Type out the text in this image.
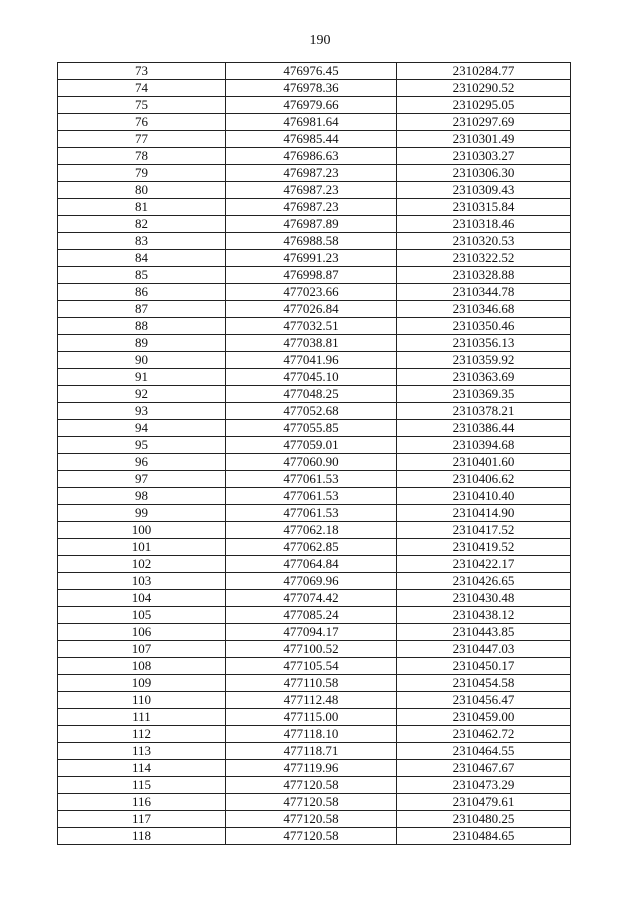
190
73	476976.45	2310284.77
74	476978.36	2310290.52
75	476979.66	2310295.05
76	476981.64	2310297.69
77	476985.44	2310301.49
78	476986.63	2310303.27
79	476987.23	2310306.30
80	476987.23	2310309.43
81	476987.23	2310315.84
82	476987.89	2310318.46
83	476988.58	2310320.53
84	476991.23	2310322.52
85	476998.87	2310328.88
86	477023.66	2310344.78
87	477026.84	2310346.68
88	477032.51	2310350.46
89	477038.81	2310356.13
90	477041.96	2310359.92
91	477045.10	2310363.69
92	477048.25	2310369.35
93	477052.68	2310378.21
94	477055.85	2310386.44
95	477059.01	2310394.68
96	477060.90	2310401.60
97	477061.53	2310406.62
98	477061.53	2310410.40
99	477061.53	2310414.90
100	477062.18	2310417.52
101	477062.85	2310419.52
102	477064.84	2310422.17
103	477069.96	2310426.65
104	477074.42	2310430.48
105	477085.24	2310438.12
106	477094.17	2310443.85
107	477100.52	2310447.03
108	477105.54	2310450.17
109	477110.58	2310454.58
110	477112.48	2310456.47
111	477115.00	2310459.00
112	477118.10	2310462.72
113	477118.71	2310464.55
114	477119.96	2310467.67
115	477120.58	2310473.29
116	477120.58	2310479.61
117	477120.58	2310480.25
118	477120.58	2310484.65
